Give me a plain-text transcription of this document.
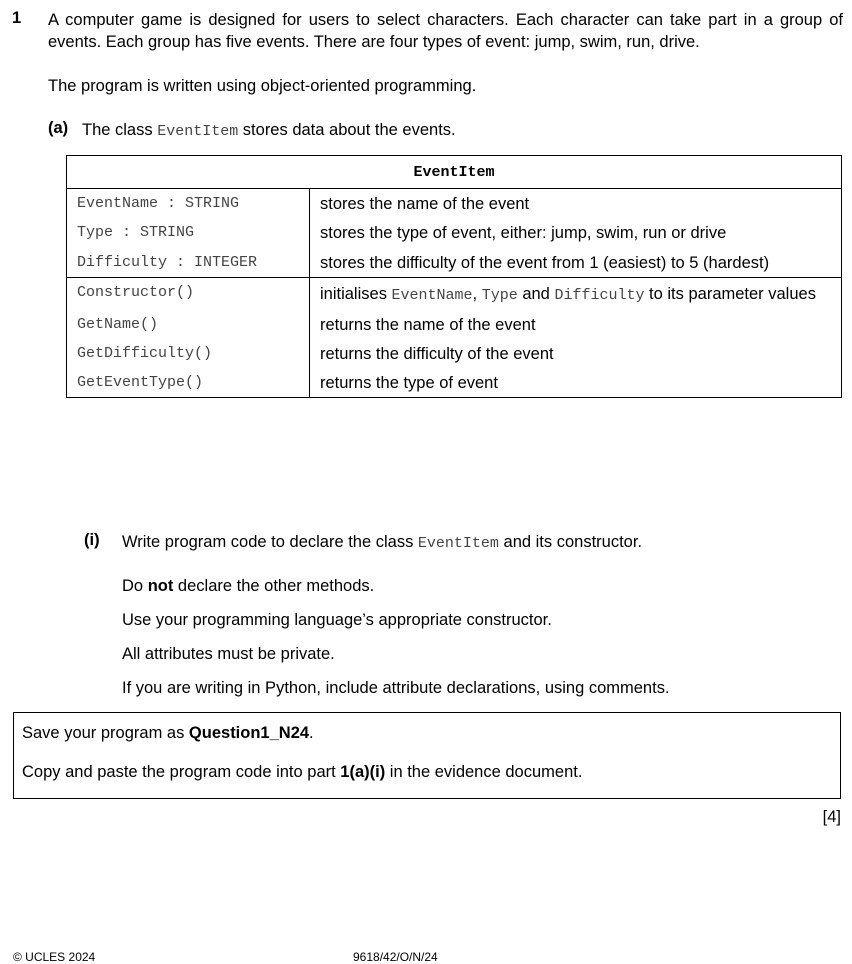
1 A computer game is designed for users to select characters. Each character can take part in a group of events. Each group has five events. There are four types of event: jump, swim, run, drive.

The program is written using object-oriented programming.

(a) The class EventItem stores data about the events.

EventItem	
EventName : STRING	stores the name of the event
Type : STRING	stores the type of event, either: jump, swim, run or drive
Difficulty : INTEGER	stores the difficulty of the event from 1 (easiest) to 5 (hardest)
Constructor()	initialises EventName, Type and Difficulty to its parameter values
GetName()	returns the name of the event
GetDifficulty()	returns the difficulty of the event
GetEventType()	returns the type of event
(i) Write program code to declare the class EventItem and its constructor.

Do not declare the other methods.

Use your programming language’s appropriate constructor.

All attributes must be private.

If you are writing in Python, include attribute declarations, using comments.

Save your program as Question1_N24.

Copy and paste the program code into part 1(a)(i) in the evidence document.

[4]
© UCLES 2024	9618/42/O/N/24
